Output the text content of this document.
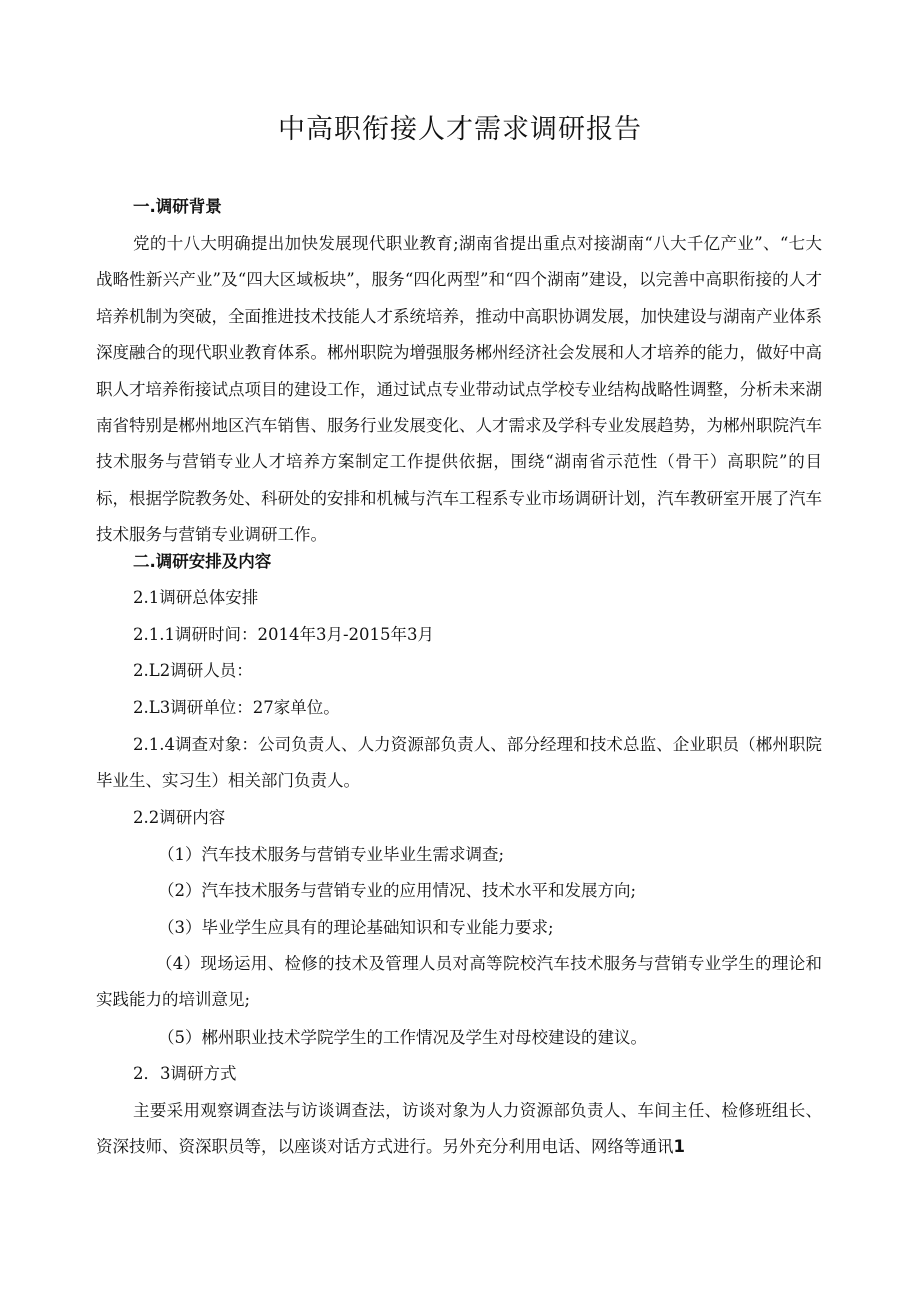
中高职衔接人才需求调研报告
一.调研背景
党的十八大明确提出加快发展现代职业教育;湖南省提出重点对接湖南“八大千亿产业”、“七大战略性新兴产业”及“四大区域板块”，服务“四化两型”和“四个湖南”建设，以完善中高职衔接的人才培养机制为突破，全面推进技术技能人才系统培养，推动中高职协调发展，加快建设与湖南产业体系深度融合的现代职业教育体系。郴州职院为增强服务郴州经济社会发展和人才培养的能力，做好中高职人才培养衔接试点项目的建设工作，通过试点专业带动试点学校专业结构战略性调整，分析未来湖南省特别是郴州地区汽车销售、服务行业发展变化、人才需求及学科专业发展趋势，为郴州职院汽车技术服务与营销专业人才培养方案制定工作提供依据，围绕“湖南省示范性（骨干）高职院”的目标，根据学院教务处、科研处的安排和机械与汽车工程系专业市场调研计划，汽车教研室开展了汽车技术服务与营销专业调研工作。
二.调研安排及内容
2.1调研总体安排
2.1.1调研时间：2014年3月-2015年3月
2.L2调研人员：
2.L3调研单位：27家单位。
2.1.4调查对象：公司负责人、人力资源部负责人、部分经理和技术总监、企业职员（郴州职院毕业生、实习生）相关部门负责人。
2.2调研内容
（1）汽车技术服务与营销专业毕业生需求调查;
（2）汽车技术服务与营销专业的应用情况、技术水平和发展方向;
（3）毕业学生应具有的理论基础知识和专业能力要求;
（4）现场运用、检修的技术及管理人员对高等院校汽车技术服务与营销专业学生的理论和实践能力的培训意见;
（5）郴州职业技术学院学生的工作情况及学生对母校建设的建议。
2．3调研方式
主要采用观察调查法与访谈调查法，访谈对象为人力资源部负责人、车间主任、检修班组长、资深技师、资深职员等，以座谈对话方式进行。另外充分利用电话、网络等通讯1
